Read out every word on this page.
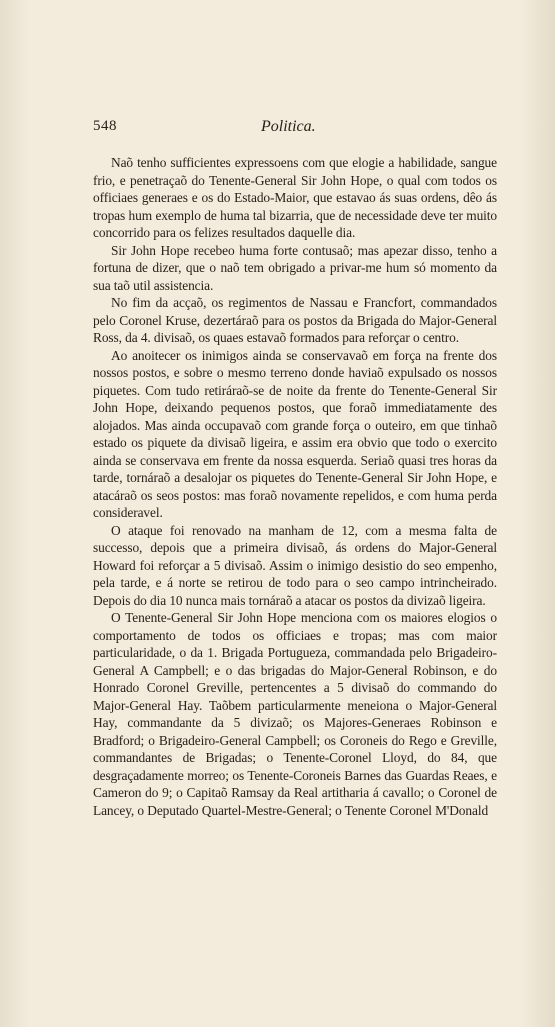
548	Politica.

Naõ tenho sufficientes expressoens com que elogie a habilidade, sangue frio, e penetraçaõ do Tenente-General Sir John Hope, o qual com todos os officiaes generaes e os do Estado-Maior, que estavao ás suas ordens, dêo ás tropas hum exemplo de huma tal bizarria, que de necessidade deve ter muito concorrido para os felizes resultados daquelle dia.

Sir John Hope recebeo huma forte contusaõ; mas apezar disso, tenho a fortuna de dizer, que o naõ tem obrigado a privar-me hum só momento da sua taõ util assistencia.

No fim da acçaõ, os regimentos de Nassau e Francfort, commandados pelo Coronel Kruse, dezertáraõ para os postos da Brigada do Major-General Ross, da 4. divisaõ, os quaes estavaõ formados para reforçar o centro.

Ao anoitecer os inimigos ainda se conservavaõ em força na frente dos nossos postos, e sobre o mesmo terreno donde haviaõ expulsado os nossos piquetes. Com tudo retiráraõ-se de noite da frente do Tenente-General Sir John Hope, deixando pequenos postos, que foraõ immediatamente des alojados. Mas ainda occupavaõ com grande força o outeiro, em que tinhaõ estado os piquete da divisaõ ligeira, e assim era obvio que todo o exercito ainda se conservava em frente da nossa esquerda. Seriaõ quasi tres horas da tarde, tornáraõ a desalojar os piquetes do Tenente-General Sir John Hope, e atacáraõ os seos postos: mas foraõ novamente repelidos, e com huma perda consideravel.

O ataque foi renovado na manham de 12, com a mesma falta de successo, depois que a primeira divisaõ, ás ordens do Major-General Howard foi reforçar a 5 divisaõ. Assim o inimigo desistio do seo empenho, pela tarde, e á norte se retirou de todo para o seo campo intrincheirado. Depois do dia 10 nunca mais tornáraõ a atacar os postos da divizaõ ligeira.

O Tenente-General Sir John Hope menciona com os maiores elogios o comportamento de todos os officiaes e tropas; mas com maior particularidade, o da 1. Brigada Portugueza, commandada pelo Brigadeiro-General A Campbell; e o das brigadas do Major-General Robinson, e do Honrado Coronel Greville, pertencentes a 5 divisaõ do commando do Major-General Hay. Taõbem particularmente meneiona o Major-General Hay, commandante da 5 divizaõ; os Majores-Generaes Robinson e Bradford; o Brigadeiro-General Campbell; os Coroneis do Rego e Greville, commandantes de Brigadas; o Tenente-Coronel Lloyd, do 84, que desgraçadamente morreo; os Tenente-Coroneis Barnes das Guardas Reaes, e Cameron do 9; o Capitaõ Ramsay da Real artitharia á cavallo; o Coronel de Lancey, o Deputado Quartel-Mestre-General; o Tenente Coronel M'Donald
